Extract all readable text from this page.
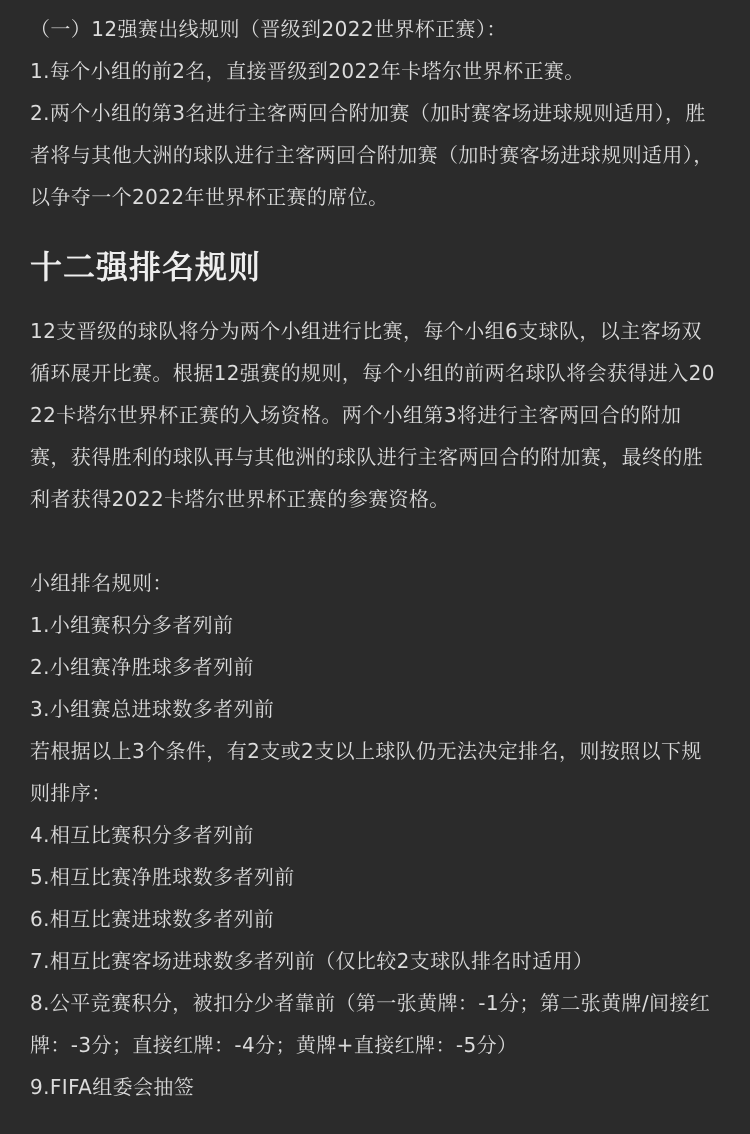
（一）12强赛出线规则（晋级到2022世界杯正赛）：

1.每个小组的前2名，直接晋级到2022年卡塔尔世界杯正赛。

2.两个小组的第3名进行主客两回合附加赛（加时赛客场进球规则适用），胜者将与其他大洲的球队进行主客两回合附加赛（加时赛客场进球规则适用），以争夺一个2022年世界杯正赛的席位。

十二强排名规则

12支晋级的球队将分为两个小组进行比赛，每个小组6支球队，以主客场双循环展开比赛。根据12强赛的规则，每个小组的前两名球队将会获得进入2022卡塔尔世界杯正赛的入场资格。两个小组第3将进行主客两回合的附加赛，获得胜利的球队再与其他洲的球队进行主客两回合的附加赛，最终的胜利者获得2022卡塔尔世界杯正赛的参赛资格。

小组排名规则：

1.小组赛积分多者列前

2.小组赛净胜球多者列前

3.小组赛总进球数多者列前

若根据以上3个条件，有2支或2支以上球队仍无法决定排名，则按照以下规则排序：

4.相互比赛积分多者列前

5.相互比赛净胜球数多者列前

6.相互比赛进球数多者列前

7.相互比赛客场进球数多者列前（仅比较2支球队排名时适用）

8.公平竞赛积分，被扣分少者靠前（第一张黄牌：-1分；第二张黄牌/间接红牌：-3分；直接红牌：-4分；黄牌+直接红牌：-5分）

9.FIFA组委会抽签
